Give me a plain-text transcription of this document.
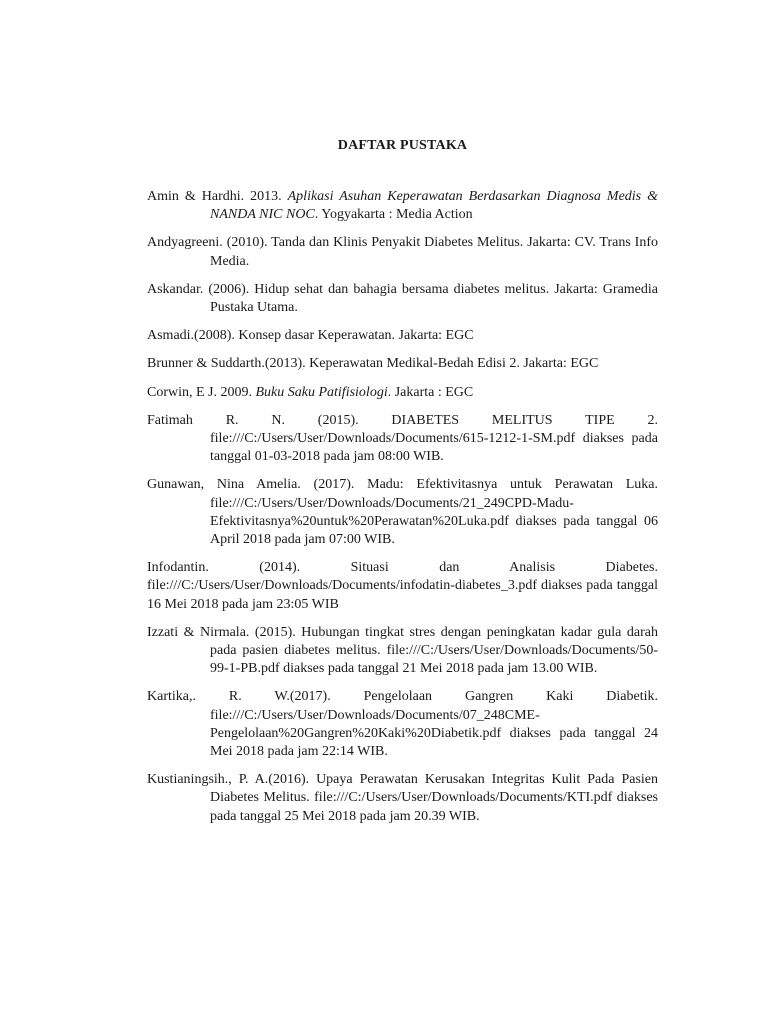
DAFTAR PUSTAKA

Amin & Hardhi. 2013. Aplikasi Asuhan Keperawatan Berdasarkan Diagnosa Medis & NANDA NIC NOC. Yogyakarta : Media Action

Andyagreeni. (2010). Tanda dan Klinis Penyakit Diabetes Melitus. Jakarta: CV. Trans Info Media.

Askandar. (2006). Hidup sehat dan bahagia bersama diabetes melitus. Jakarta: Gramedia Pustaka Utama.

Asmadi.(2008). Konsep dasar Keperawatan. Jakarta: EGC

Brunner & Suddarth.(2013). Keperawatan Medikal-Bedah Edisi 2. Jakarta: EGC

Corwin, E J. 2009. Buku Saku Patifisiologi. Jakarta : EGC

Fatimah R. N. (2015). DIABETES MELITUS TIPE 2. file:///C:/Users/User/Downloads/Documents/615-1212-1-SM.pdf diakses pada tanggal 01-03-2018 pada jam 08:00 WIB.

Gunawan, Nina Amelia. (2017). Madu: Efektivitasnya untuk Perawatan Luka. file:///C:/Users/User/Downloads/Documents/21_249CPD-Madu-Efektivitasnya%20untuk%20Perawatan%20Luka.pdf diakses pada tanggal 06 April 2018 pada jam 07:00 WIB.

Infodantin. (2014). Situasi dan Analisis Diabetes. file:///C:/Users/User/Downloads/Documents/infodatin-diabetes_3.pdf diakses pada tanggal 16 Mei 2018 pada jam 23:05 WIB

Izzati & Nirmala. (2015). Hubungan tingkat stres dengan peningkatan kadar gula darah pada pasien diabetes melitus. file:///C:/Users/User/Downloads/Documents/50-99-1-PB.pdf diakses pada tanggal 21 Mei 2018 pada jam 13.00 WIB.

Kartika,. R. W.(2017). Pengelolaan Gangren Kaki Diabetik. file:///C:/Users/User/Downloads/Documents/07_248CME-Pengelolaan%20Gangren%20Kaki%20Diabetik.pdf diakses pada tanggal 24 Mei 2018 pada jam 22:14 WIB.

Kustianingsih., P. A.(2016). Upaya Perawatan Kerusakan Integritas Kulit Pada Pasien Diabetes Melitus. file:///C:/Users/User/Downloads/Documents/KTI.pdf diakses pada tanggal 25 Mei 2018 pada jam 20.39 WIB.
